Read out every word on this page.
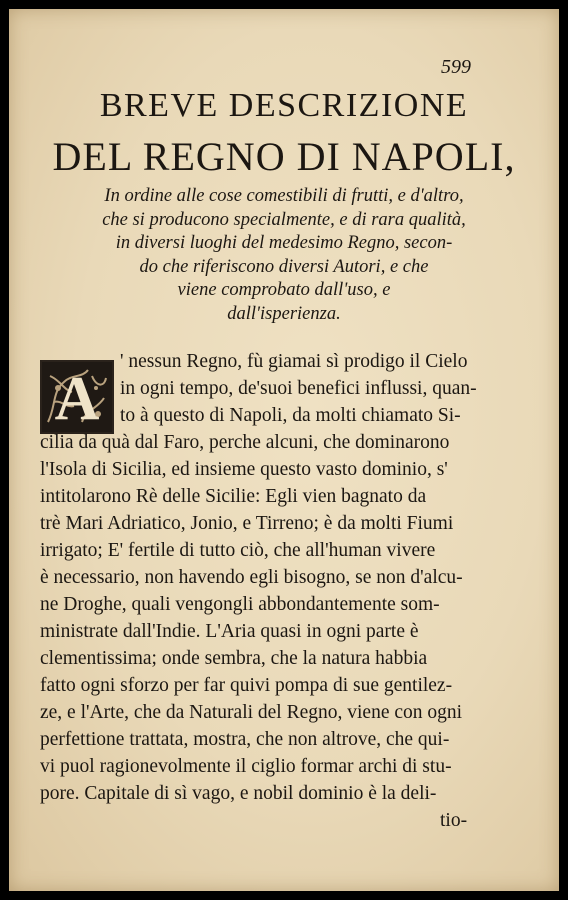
599
BREVE DESCRIZIONE
DEL REGNO DI NAPOLI,
In ordine alle cose comestibili di frutti, e d'altro,
che si producono specialmente, e di rara qualità,
in diversi luoghi del medesimo Regno, secon-
do che riferiscono diversi Autori, e che
viene comprobato dall'uso, e
dall'isperienza.
A
' nessun Regno, fù giamai sì prodigo il Cielo
in ogni tempo, de'suoi benefici influssi, quan-
to à questo di Napoli, da molti chiamato Si-
cilia da quà dal Faro, perche alcuni, che dominarono
l'Isola di Sicilia, ed insieme questo vasto dominio, s'
intitolarono Rè delle Sicilie: Egli vien bagnato da
trè Mari Adriatico, Jonio, e Tirreno; è da molti Fiumi
irrigato; E' fertile di tutto ciò, che all'human vivere
è necessario, non havendo egli bisogno, se non d'alcu-
ne Droghe, quali vengongli abbondantemente som-
ministrate dall'Indie. L'Aria quasi in ogni parte è
clementissima; onde sembra, che la natura habbia
fatto ogni sforzo per far quivi pompa di sue gentilez-
ze, e l'Arte, che da Naturali del Regno, viene con ogni
perfettione trattata, mostra, che non altrove, che qui-
vi puol ragionevolmente il ciglio formar archi di stu-
pore. Capitale di sì vago, e nobil dominio è la deli-
tio-
